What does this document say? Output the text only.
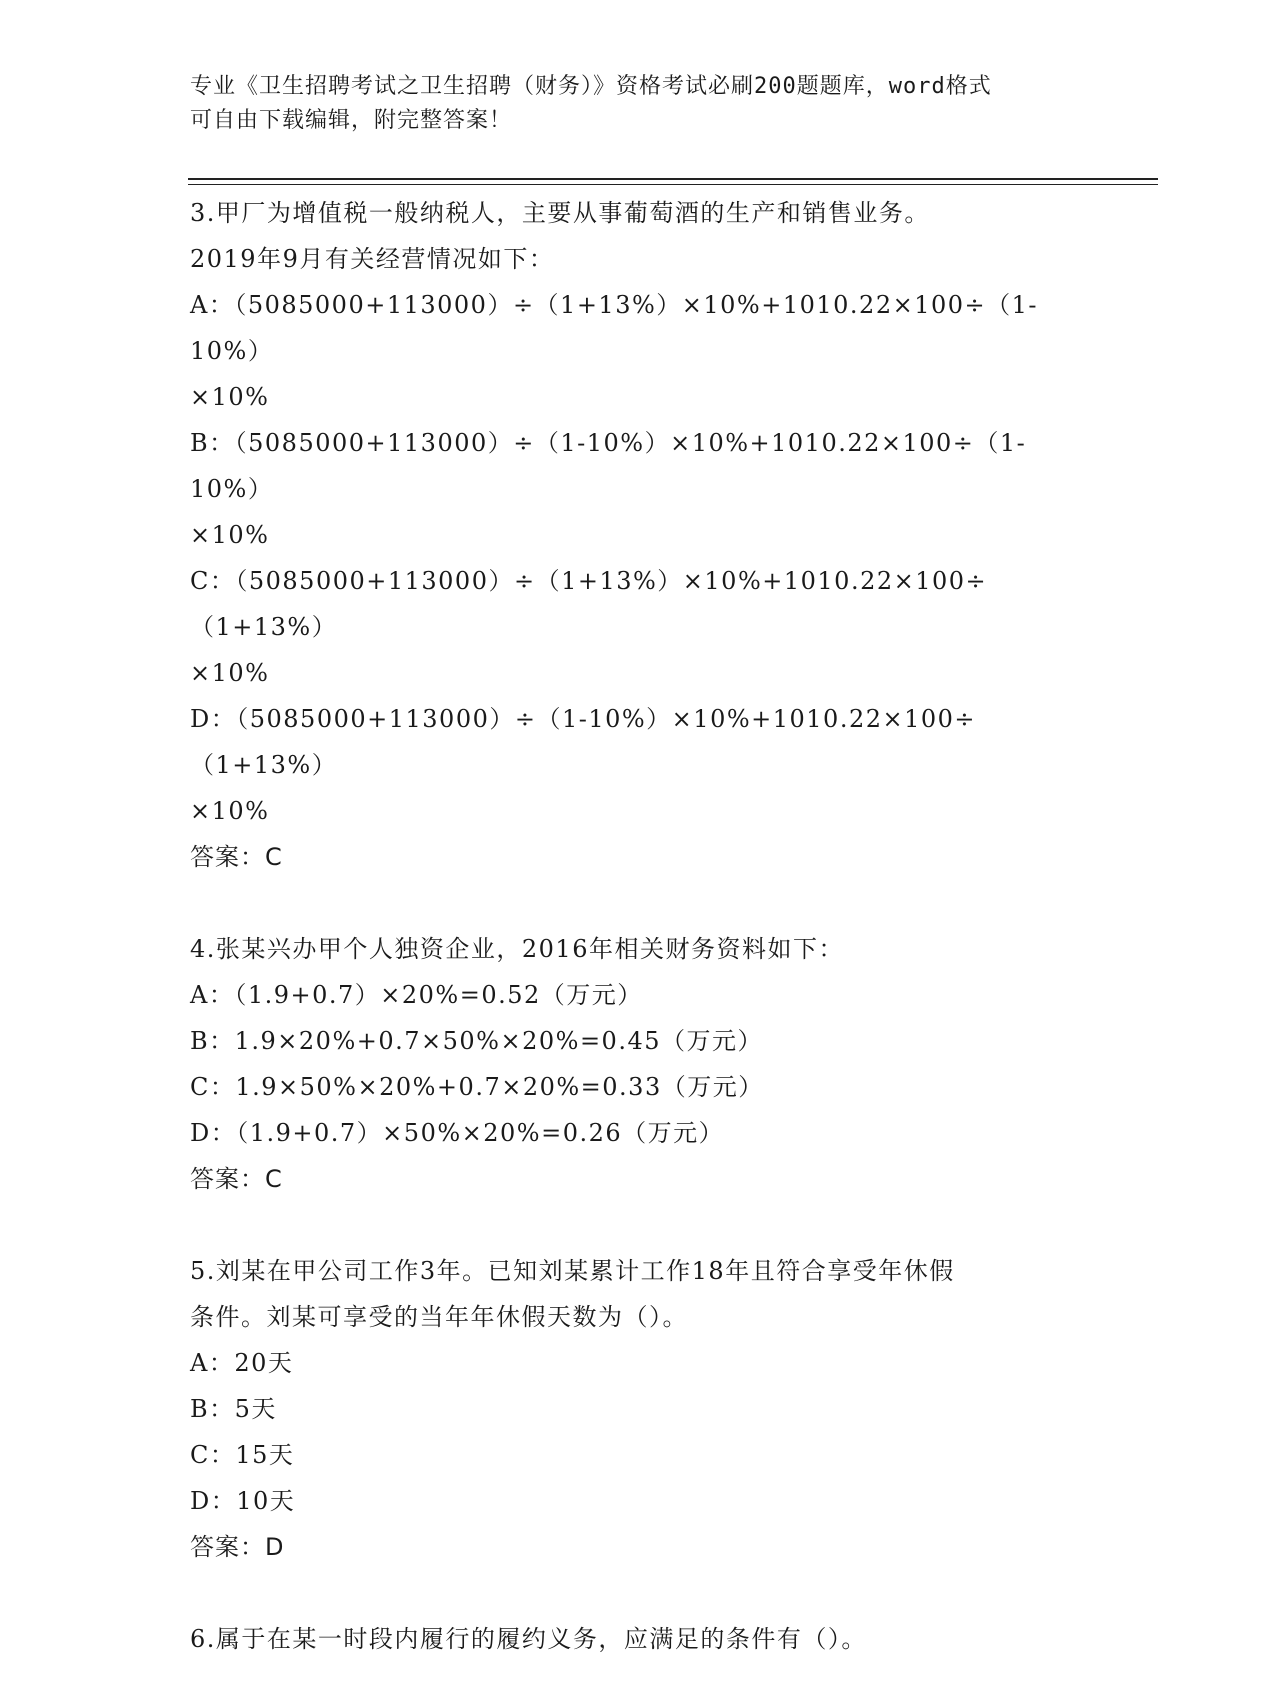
专业《卫生招聘考试之卫生招聘（财务）》资格考试必刷200题题库，word格式
可自由下载编辑，附完整答案！
3.甲厂为增值税一般纳税人，主要从事葡萄酒的生产和销售业务。
2019年9月有关经营情况如下：
A：（5085000+113000）÷（1+13%）×10%+1010.22×100÷（1-10%）
×10%
B：（5085000+113000）÷（1-10%）×10%+1010.22×100÷（1-10%）
×10%
C：（5085000+113000）÷（1+13%）×10%+1010.22×100÷（1+13%）
×10%
D：（5085000+113000）÷（1-10%）×10%+1010.22×100÷（1+13%）
×10%
答案：C
4.张某兴办甲个人独资企业，2016年相关财务资料如下：
A：（1.9+0.7）×20%=0.52（万元）
B：1.9×20%+0.7×50%×20%=0.45（万元）
C：1.9×50%×20%+0.7×20%=0.33（万元）
D：（1.9+0.7）×50%×20%=0.26（万元）
答案：C
5.刘某在甲公司工作3年。已知刘某累计工作18年且符合享受年休假
条件。刘某可享受的当年年休假天数为（）。
A：20天
B：5天
C：15天
D：10天
答案：D
6.属于在某一时段内履行的履约义务，应满足的条件有（）。
